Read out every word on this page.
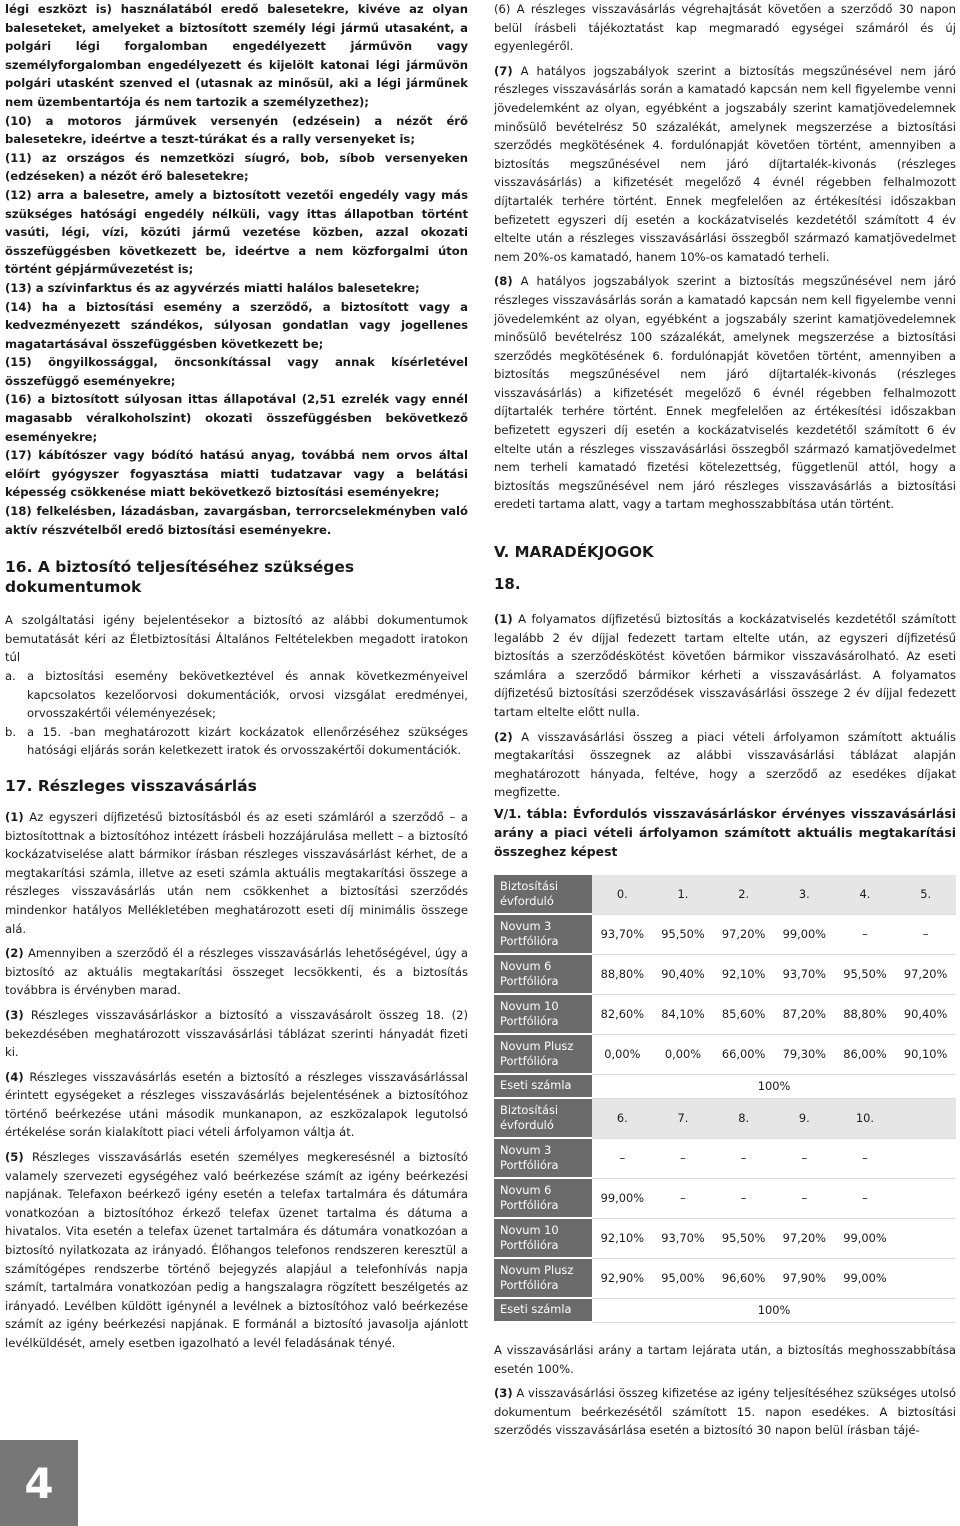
légi eszközt is) használatából eredő balesetekre, kivéve az olyan baleseteket, amelyeket a biztosított személy légi jármű utasaként, a polgári légi forgalomban engedélyezett járművön vagy személyforgalomban engedélyezett és kijelölt katonai légi járművön polgári utasként szenved el (utasnak az minősül, aki a légi járműnek nem üzembentartója és nem tartozik a személyzethez);

(10) a motoros járművek versenyén (edzésein) a nézőt érő balesetekre, ideértve a teszt-túrákat és a rally versenyeket is;

(11) az országos és nemzetközi síugró, bob, síbob versenyeken (edzéseken) a nézőt érő balesetekre;

(12) arra a balesetre, amely a biztosított vezetői engedély vagy más szükséges hatósági engedély nélküli, vagy ittas állapotban történt vasúti, légi, vízi, közúti jármű vezetése közben, azzal okozati összefüggésben következett be, ideértve a nem közforgalmi úton történt gépjárművezetést is;

(13) a szívinfarktus és az agyvérzés miatti halálos balesetekre;

(14) ha a biztosítási esemény a szerződő, a biztosított vagy a kedvezményezett szándékos, súlyosan gondatlan vagy jogellenes magatartásával összefüggésben következett be;

(15) öngyilkossággal, öncsonkítással vagy annak kísérletével összefüggő eseményekre;

(16) a biztosított súlyosan ittas állapotával (2,51 ezrelék vagy ennél magasabb véralkoholszint) okozati összefüggésben bekövetkező eseményekre;

(17) kábítószer vagy bódító hatású anyag, továbbá nem orvos által előírt gyógyszer fogyasztása miatti tudatzavar vagy a belátási képesség csökkenése miatt bekövetkező biztosítási eseményekre;

(18) felkelésben, lázadásban, zavargásban, terrorcselekményben való aktív részvételből eredő biztosítási eseményekre.

16. A biztosító teljesítéséhez szükséges dokumentumok

A szolgáltatási igény bejelentésekor a biztosító az alábbi dokumentumok bemutatását kéri az Életbiztosítási Általános Feltételekben megadott iratokon túl

a. a biztosítási esemény bekövetkeztével és annak következményeivel kapcsolatos kezelőorvosi dokumentációk, orvosi vizsgálat eredményei, orvosszakértői véleményezések;
b. a 15. -ban meghatározott kizárt kockázatok ellenőrzéséhez szükséges hatósági eljárás során keletkezett iratok és orvosszakértői dokumentációk.
17. Részleges visszavásárlás

(1) Az egyszeri díjfizetésű biztosításból és az eseti számláról a szerződő – a biztosítottnak a biztosítóhoz intézett írásbeli hozzájárulása mellett – a biztosító kockázatviselése alatt bármikor írásban részleges visszavásárlást kérhet, de a megtakarítási számla, illetve az eseti számla aktuális megtakarítási összege a részleges visszavásárlás után nem csökkenhet a biztosítási szerződés mindenkor hatályos Mellékletében meghatározott eseti díj minimális összege alá.

(2) Amennyiben a szerződő él a részleges visszavásárlás lehetőségével, úgy a biztosító az aktuális megtakarítási összeget lecsökkenti, és a biztosítás továbbra is érvényben marad.

(3) Részleges visszavásárláskor a biztosító a visszavásárolt összeg 18. (2) bekezdésében meghatározott visszavásárlási táblázat szerinti hányadát fizeti ki.

(4) Részleges visszavásárlás esetén a biztosító a részleges visszavásárlással érintett egységeket a részleges visszavásárlás bejelentésének a biztosítóhoz történő beérkezése utáni második munkanapon, az eszközalapok legutolsó értékelése során kialakított piaci vételi árfolyamon váltja át.

(5) Részleges visszavásárlás esetén személyes megkeresésnél a biztosító valamely szervezeti egységéhez való beérkezése számít az igény beérkezési napjának. Telefaxon beérkező igény esetén a telefax tartalmára és dátumára vonatkozóan a biztosítóhoz érkező telefax üzenet tartalma és dátuma a hivatalos. Vita esetén a telefax üzenet tartalmára és dátumára vonatkozóan a biztosító nyilatkozata az irányadó. Élőhangos telefonos rendszeren keresztül a számítógépes rendszerbe történő bejegyzés alapjául a telefonhívás napja számít, tartalmára vonatkozóan pedig a hangszalagra rögzített beszélgetés az irányadó. Levélben küldött igénynél a levélnek a biztosítóhoz való beérkezése számít az igény beérkezési napjának. E formánál a biztosító javasolja ajánlott levélküldését, amely esetben igazolható a levél feladásának tényé.

(6) A részleges visszavásárlás végrehajtását követően a szerződő 30 napon belül írásbeli tájékoztatást kap megmaradó egységei számáról és új egyenlegéről.

(7) A hatályos jogszabályok szerint a biztosítás megszűnésével nem járó részleges visszavásárlás során a kamatadó kapcsán nem kell figyelembe venni jövedelemként az olyan, egyébként a jogszabály szerint kamatjövedelemnek minősülő bevételrész 50 százalékát, amelynek megszerzése a biztosítási szerződés megkötésének 4. fordulónapját követően történt, amennyiben a biztosítás megszűnésével nem járó díjtartalék-kivonás (részleges visszavásárlás) a kifizetését megelőző 4 évnél régebben felhalmozott díjtartalék terhére történt. Ennek megfelelően az értékesítési időszakban befizetett egyszeri díj esetén a kockázatviselés kezdetétől számított 4 év eltelte után a részleges visszavásárlási összegből származó kamatjövedelmet nem 20%-os kamatadó, hanem 10%-os kamatadó terheli.

(8) A hatályos jogszabályok szerint a biztosítás megszűnésével nem járó részleges visszavásárlás során a kamatadó kapcsán nem kell figyelembe venni jövedelemként az olyan, egyébként a jogszabály szerint kamatjövedelemnek minősülő bevételrész 100 százalékát, amelynek megszerzése a biztosítási szerződés megkötésének 6. fordulónapját követően történt, amennyiben a biztosítás megszűnésével nem járó díjtartalék-kivonás (részleges visszavásárlás) a kifizetését megelőző 6 évnél régebben felhalmozott díjtartalék terhére történt. Ennek megfelelően az értékesítési időszakban befizetett egyszeri díj esetén a kockázatviselés kezdetétől számított 6 év eltelte után a részleges visszavásárlási összegből származó kamatjövedelmet nem terheli kamatadó fizetési kötelezettség, függetlenül attól, hogy a biztosítás megszűnésével nem járó részleges visszavásárlás a biztosítási eredeti tartama alatt, vagy a tartam meghosszabbítása után történt.

V. MARADÉKJOGOK
18.

(1) A folyamatos díjfizetésű biztosítás a kockázatviselés kezdetétől számított legalább 2 év díjjal fedezett tartam eltelte után, az egyszeri díjfizetésű biztosítás a szerződéskötést követően bármikor visszavásárolható. Az eseti számlára a szerződő bármikor kérheti a visszavásárlást. A folyamatos díjfizetésű biztosítási szerződések visszavásárlási összege 2 év díjjal fedezett tartam eltelte előtt nulla.

(2) A visszavásárlási összeg a piaci vételi árfolyamon számított aktuális megtakarítási összegnek az alábbi visszavásárlási táblázat alapján meghatározott hányada, feltéve, hogy a szerződő az esedékes díjakat megfizette.

V/1. tábla: Évfordulós visszavásárláskor érvényes visszavásárlási arány a piaci vételi árfolyamon számított aktuális megtakarítási összeghez képest

Biztosítási évforduló	0.	1.	2.	3.	4.	5.
Novum 3 Portfólióra	93,70%	95,50%	97,20%	99,00%	–	–
Novum 6 Portfólióra	88,80%	90,40%	92,10%	93,70%	95,50%	97,20%
Novum 10 Portfólióra	82,60%	84,10%	85,60%	87,20%	88,80%	90,40%
Novum Plusz Portfólióra	0,00%	0,00%	66,00%	79,30%	86,00%	90,10%
Eseti számla	100%					
Biztosítási évforduló	6.	7.	8.	9.	10.	
Novum 3 Portfólióra	–	–	–	–	–	
Novum 6 Portfólióra	99,00%	–	–	–	–	
Novum 10 Portfólióra	92,10%	93,70%	95,50%	97,20%	99,00%	
Novum Plusz Portfólióra	92,90%	95,00%	96,60%	97,90%	99,00%	
Eseti számla	100%					

A visszavásárlási arány a tartam lejárata után, a biztosítás meghosszabbítása esetén 100%.

(3) A visszavásárlási összeg kifizetése az igény teljesítéséhez szükséges utolsó dokumentum beérkezésétől számított 15. napon esedékes. A biztosítási szerződés visszavásárlása esetén a biztosító 30 napon belül írásban tájé-

4
